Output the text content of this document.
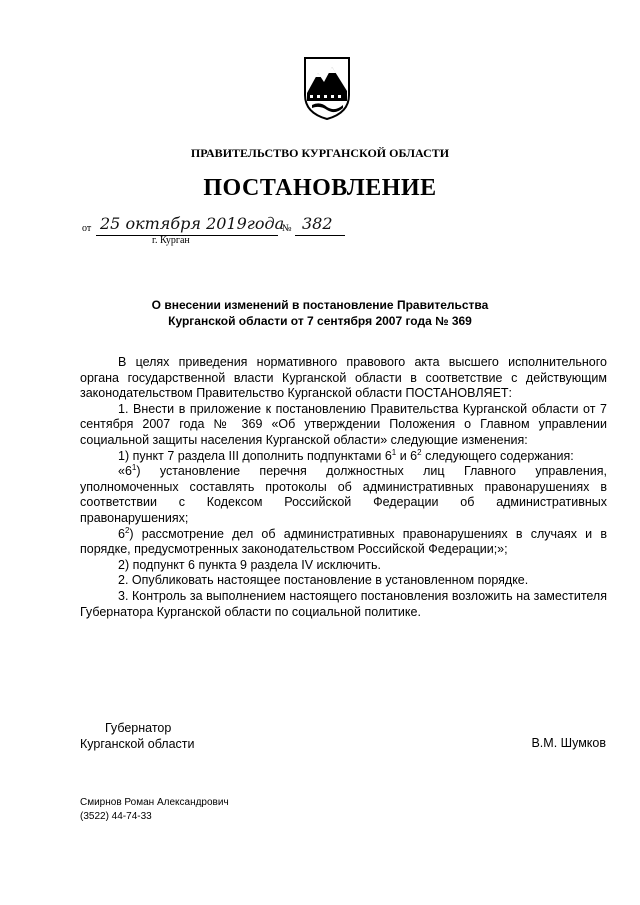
ПРАВИТЕЛЬСТВО КУРГАНСКОЙ ОБЛАСТИ
ПОСТАНОВЛЕНИЕ
от 25 октября 2019года
№ 382
г. Курган
О внесении изменений в постановление Правительства
Курганской области от 7 сентября 2007 года № 369

В целях приведения нормативного правового акта высшего исполнительного органа государственной власти Курганской области в соответствие с действующим законодательством Правительство Курганской области ПОСТАНОВЛЯЕТ:

1. Внести в приложение к постановлению Правительства Курганской области от 7 сентября 2007 года № 369 «Об утверждении Положения о Главном управлении социальной защиты населения Курганской области» следующие изменения:

1) пункт 7 раздела III дополнить подпунктами $6^1$ и $6^2$ следующего содержания:

«$6^1$) установление перечня должностных лиц Главного управления, уполномоченных составлять протоколы об административных правонарушениях в соответствии с Кодексом Российской Федерации об административных правонарушениях;

$6^2$) рассмотрение дел об административных правонарушениях в случаях и в порядке, предусмотренных законодательством Российской Федерации;»;

2) подпункт 6 пункта 9 раздела IV исключить.

2. Опубликовать настоящее постановление в установленном порядке.

3. Контроль за выполнением настоящего постановления возложить на заместителя Губернатора Курганской области по социальной политике.

Губернатор
Курганской области	В.М. Шумков
Смирнов Роман Александрович
(3522) 44-74-33
